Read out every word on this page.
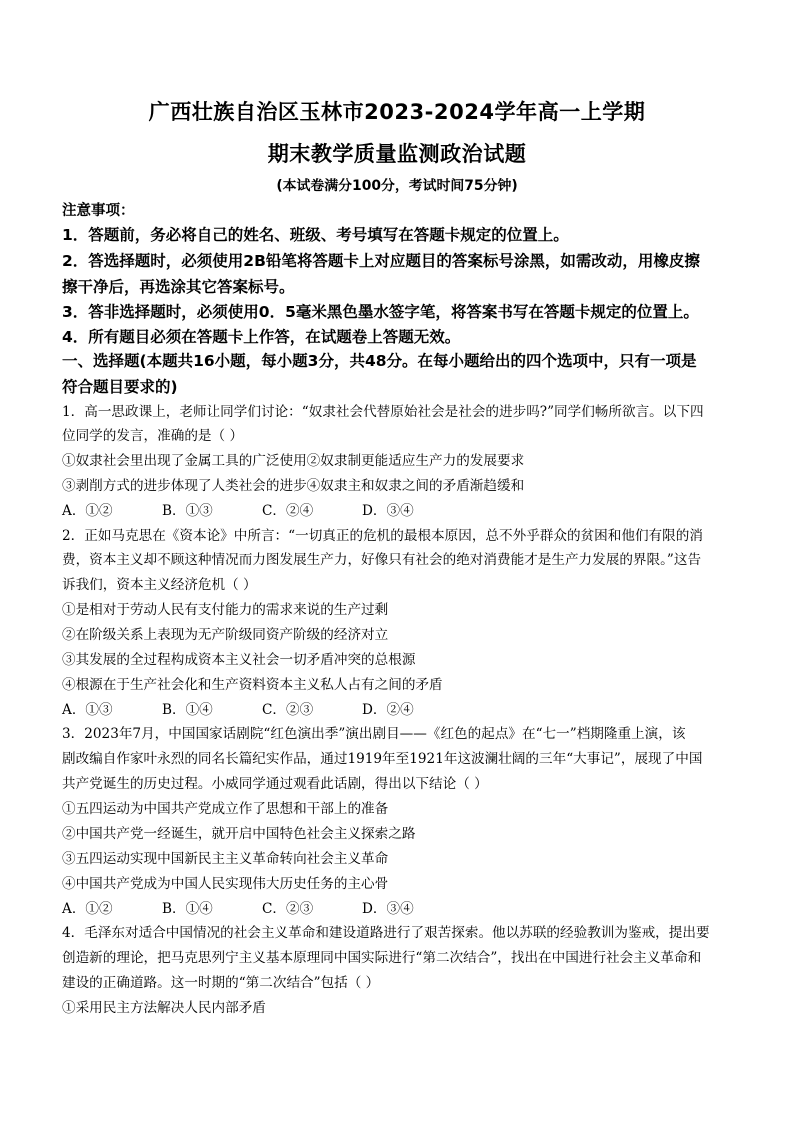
广西壮族自治区玉林市2023-2024学年高一上学期
期末教学质量监测政治试题
(本试卷满分100分，考试时间75分钟)
注意事项：
1．答题前，务必将自己的姓名、班级、考号填写在答题卡规定的位置上。
2．答选择题时，必须使用2B铅笔将答题卡上对应题目的答案标号涂黑，如需改动，用橡皮擦
擦干净后，再选涂其它答案标号。
3．答非选择题时，必须使用0．5毫米黑色墨水签字笔，将答案书写在答题卡规定的位置上。
4．所有题目必须在答题卡上作答，在试题卷上答题无效。
一、选择题(本题共16小题，每小题3分，共48分。在每小题给出的四个选项中，只有一项是
符合题目要求的)
1．高一思政课上，老师让同学们讨论：“奴隶社会代替原始社会是社会的进步吗?”同学们畅所欲言。以下四
位同学的发言，准确的是（ ）
①奴隶社会里出现了金属工具的广泛使用②奴隶制更能适应生产力的发展要求
③剥削方式的进步体现了人类社会的进步④奴隶主和奴隶之间的矛盾渐趋缓和
A．①②	B．①③	C．②④	D．③④
2．正如马克思在《资本论》中所言：“一切真正的危机的最根本原因，总不外乎群众的贫困和他们有限的消
费，资本主义却不顾这种情况而力图发展生产力，好像只有社会的绝对消费能才是生产力发展的界限。”这告
诉我们，资本主义经济危机（ ）
①是相对于劳动人民有支付能力的需求来说的生产过剩
②在阶级关系上表现为无产阶级同资产阶级的经济对立
③其发展的全过程构成资本主义社会一切矛盾冲突的总根源
④根源在于生产社会化和生产资料资本主义私人占有之间的矛盾
A．①③	B．①④	C．②③	D．②④
3．2023年7月，中国国家话剧院“红色演出季”演出剧目——《红色的起点》在“七一”档期隆重上演，该
剧改编自作家叶永烈的同名长篇纪实作品，通过1919年至1921年这波澜壮阔的三年“大事记”，展现了中国
共产党诞生的历史过程。小威同学通过观看此话剧，得出以下结论（ ）
①五四运动为中国共产党成立作了思想和干部上的准备
②中国共产党一经诞生，就开启中国特色社会主义探索之路
③五四运动实现中国新民主主义革命转向社会主义革命
④中国共产党成为中国人民实现伟大历史任务的主心骨
A．①②	B．①④	C．②③	D．③④
4．毛泽东对适合中国情况的社会主义革命和建设道路进行了艰苦探索。他以苏联的经验教训为鉴戒，提出要
创造新的理论，把马克思列宁主义基本原理同中国实际进行“第二次结合”，找出在中国进行社会主义革命和
建设的正确道路。这一时期的“第二次结合”包括（ ）
①采用民主方法解决人民内部矛盾
